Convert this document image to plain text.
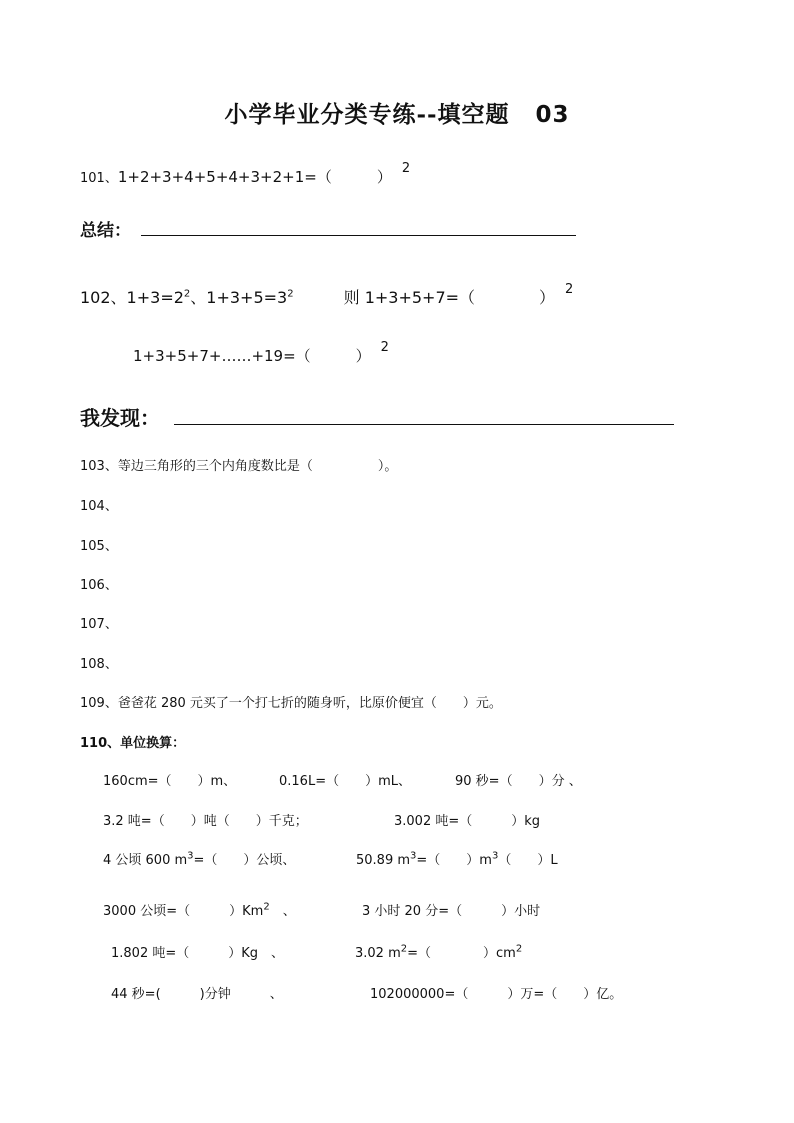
小学毕业分类专练--填空题 03
101、1+2+3+4+5+4+3+2+1=（　　　） 2
总结：
102、$1+3=2^2$、$1+3+5=3^2$	则 1+3+5+7=（　　　　） $^2$
1+3+5+7+……+19=（　　　） 2
我发现：
103、等边三角形的三个内角度数比是（　　　　　）。
104、
105、
106、
107、
108、
109、爸爸花 280 元买了一个打七折的随身听，比原价便宜（　　）元。
110、单位换算：
160cm=（　　）m、	0.16L=（　　）mL、	90 秒=（　　）分 、
3.2 吨=（　　）吨（　　）千克；	3.002 吨=（　　　）kg
4 公顷 600 $m^3=$（　　）公顷、	50.89 $m^3=$（　　）$m^3$（　　）L
3000 公顷=（　　　）Km$^2$　、	3 小时 20 分=（　　　）小时
1.802 吨=（　　　）Kg　、	3.02 $m^2=$（　　　　）$cm^2$
44 秒=(　　　)分钟　　　、	102000000=（　　　）万=（　　）亿。
